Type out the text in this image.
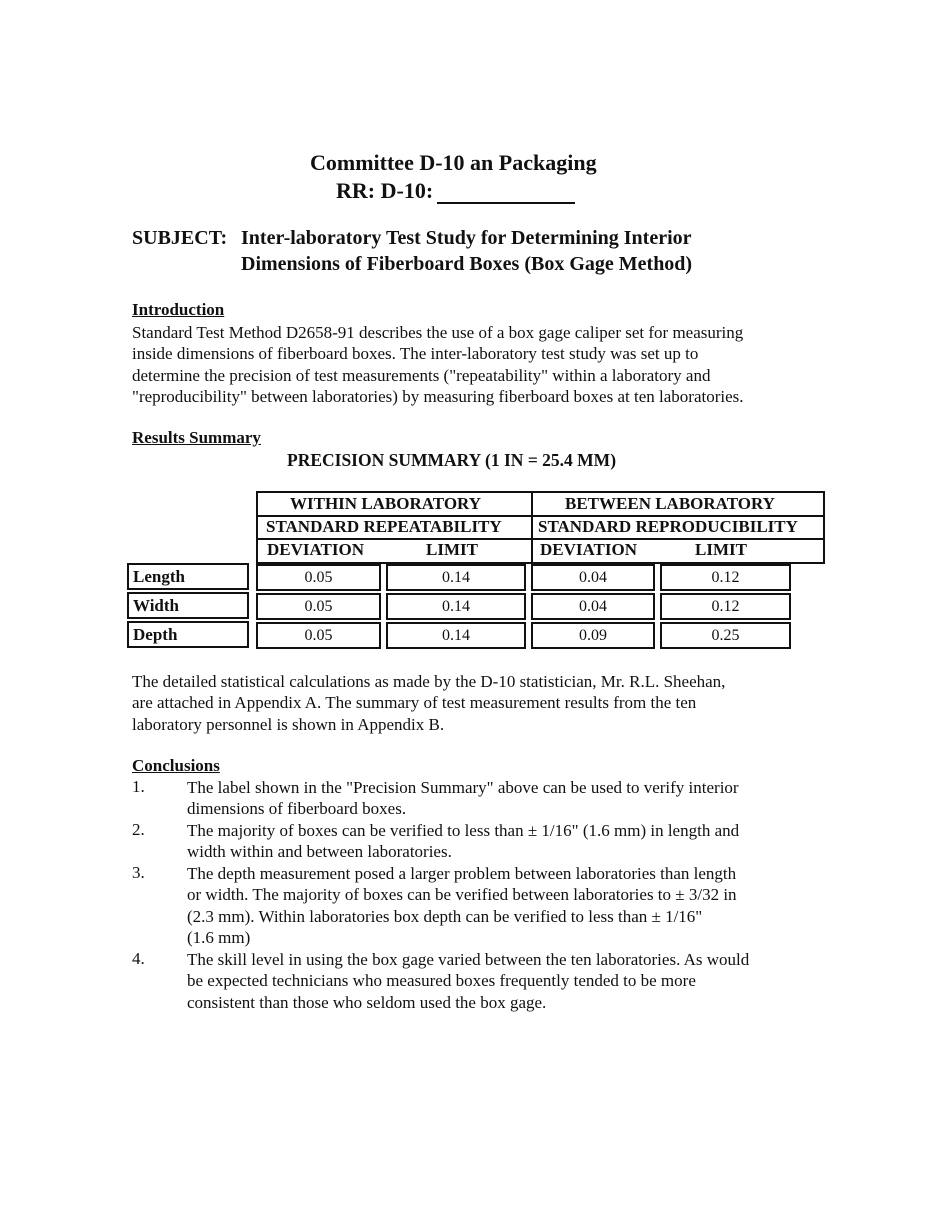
Committee D-10 an Packaging
RR: D-10:
SUBJECT: Inter-laboratory Test Study for Determining Interior
Dimensions of Fiberboard Boxes (Box Gage Method)
Introduction
Standard Test Method D2658-91 describes the use of a box gage caliper set for measuring
inside dimensions of fiberboard boxes. The inter-laboratory test study was set up to
determine the precision of test measurements ("repeatability" within a laboratory and
"reproducibility" between laboratories) by measuring fiberboard boxes at ten laboratories.
Results Summary
PRECISION SUMMARY (1 IN = 25.4 MM)
WITHIN LABORATORY	BETWEEN LABORATORY
STANDARD REPEATABILITY STANDARD REPRODUCIBILITY
DEVIATION	LIMIT	DEVIATION	LIMIT
Length	0.05	0.14	0.04	0.12
Width	0.05	0.14	0.04	0.12
Depth	0.05	0.14	0.09	0.25
The detailed statistical calculations as made by the D-10 statistician, Mr. R.L. Sheehan,
are attached in Appendix A. The summary of test measurement results from the ten
laboratory personnel is shown in Appendix B.
Conclusions
1. The label shown in the "Precision Summary" above can be used to verify interior
dimensions of fiberboard boxes.
2. The majority of boxes can be verified to less than ± 1/16" (1.6 mm) in length and
width within and between laboratories.
3. The depth measurement posed a larger problem between laboratories than length
or width. The majority of boxes can be verified between laboratories to ± 3/32 in
(2.3 mm). Within laboratories box depth can be verified to less than ± 1/16"
(1.6 mm)
4. The skill level in using the box gage varied between the ten laboratories. As would
be expected technicians who measured boxes frequently tended to be more
consistent than those who seldom used the box gage.
